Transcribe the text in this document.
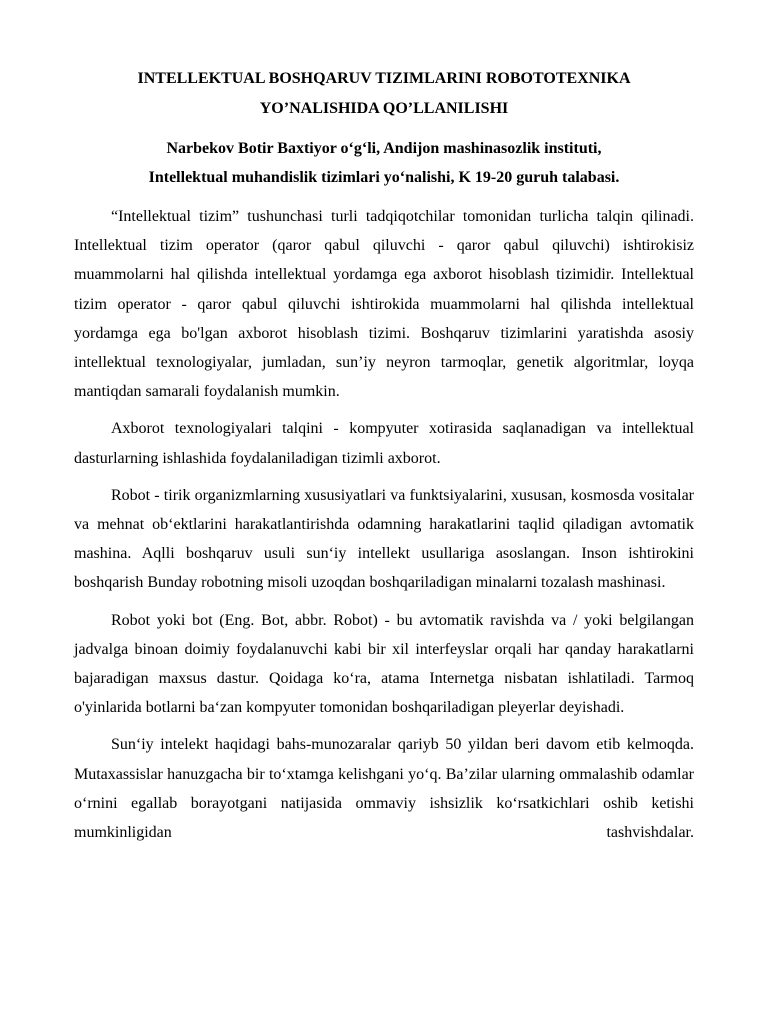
INTELLEKTUAL BOSHQARUV TIZIMLARINI ROBOTOTEXNIKA
YO’NALISHIDA QO’LLANILISHI
Narbekov Botir Baxtiyor o‘g‘li, Andijon mashinasozlik instituti,
Intellektual muhandislik tizimlari yo‘nalishi, K 19-20 guruh talabasi.

“Intellektual tizim” tushunchasi turli tadqiqotchilar tomonidan turlicha talqin qilinadi. Intellektual tizim operator (qaror qabul qiluvchi - qaror qabul qiluvchi) ishtirokisiz muammolarni hal qilishda intellektual yordamga ega axborot hisoblash tizimidir. Intellektual tizim operator - qaror qabul qiluvchi ishtirokida muammolarni hal qilishda intellektual yordamga ega bo'lgan axborot hisoblash tizimi. Boshqaruv tizimlarini yaratishda asosiy intellektual texnologiyalar, jumladan, sun’iy neyron tarmoqlar, genetik algoritmlar, loyqa mantiqdan samarali foydalanish mumkin.

Axborot texnologiyalari talqini - kompyuter xotirasida saqlanadigan va intellektual dasturlarning ishlashida foydalaniladigan tizimli axborot.

Robot - tirik organizmlarning xususiyatlari va funktsiyalarini, xususan, kosmosda vositalar va mehnat ob‘ektlarini harakatlantirishda odamning harakatlarini taqlid qiladigan avtomatik mashina. Aqlli boshqaruv usuli sun‘iy intellekt usullariga asoslangan. Inson ishtirokini boshqarish Bunday robotning misoli uzoqdan boshqariladigan minalarni tozalash mashinasi.

Robot yoki bot (Eng. Bot, abbr. Robot) - bu avtomatik ravishda va / yoki belgilangan jadvalga binoan doimiy foydalanuvchi kabi bir xil interfeyslar orqali har qanday harakatlarni bajaradigan maxsus dastur. Qoidaga ko‘ra, atama Internetga nisbatan ishlatiladi. Tarmoq o'yinlarida botlarni ba‘zan kompyuter tomonidan boshqariladigan pleyerlar deyishadi.

Sun‘iy intelekt haqidagi bahs-munozaralar qariyb 50 yildan beri davom etib kelmoqda. Mutaxassislar hanuzgacha bir to‘xtamga kelishgani yo‘q. Ba’zilar ularning ommalashib odamlar o‘rnini egallab borayotgani natijasida ommaviy ishsizlik ko‘rsatkichlari oshib ketishi mumkinligidan tashvishdalar.
